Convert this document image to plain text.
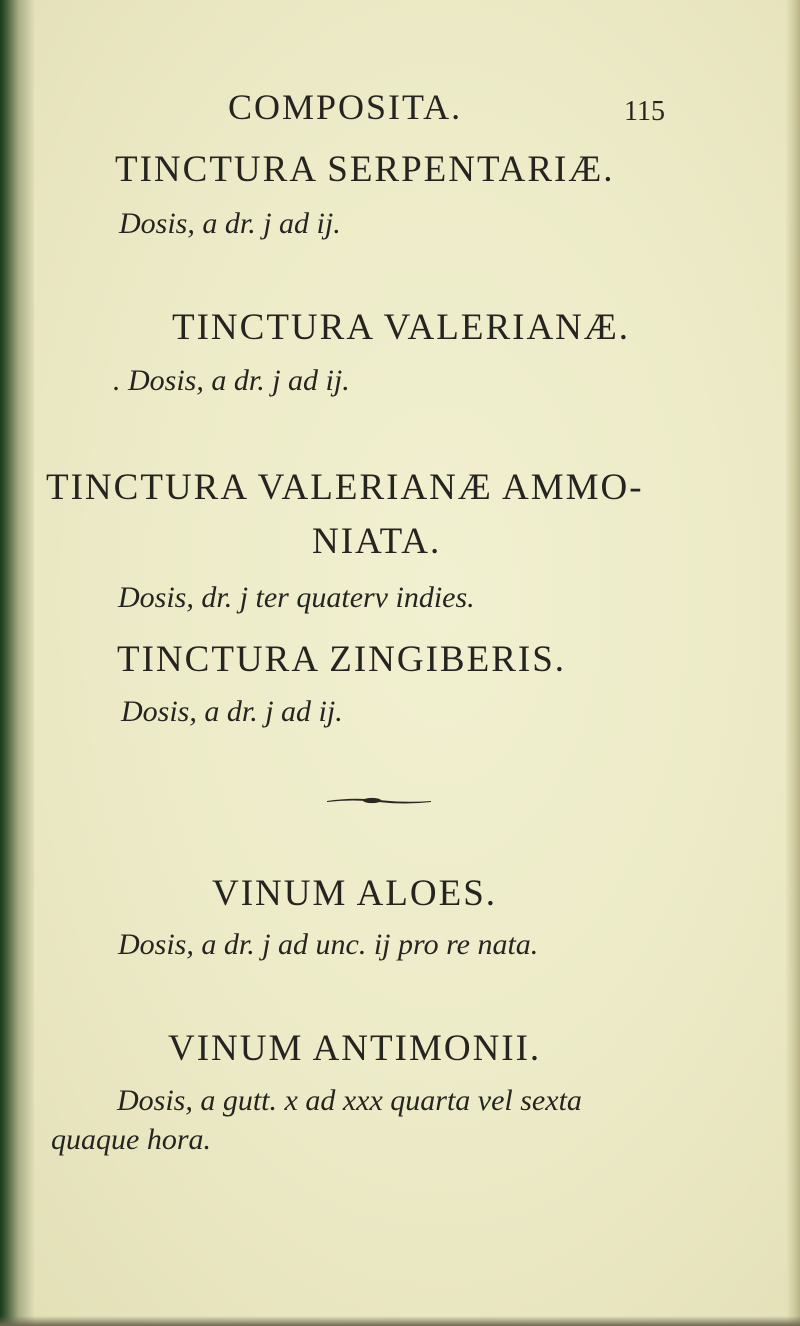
COMPOSITA.	115
TINCTURA SERPENTARIÆ.
Dosis, a dr. j ad ij.
TINCTURA VALERIANÆ.
. Dosis, a dr. j ad ij.
TINCTURA VALERIANÆ AMMO-
NIATA.
Dosis, dr. j ter quaterv indies.
TINCTURA ZINGIBERIS.
Dosis, a dr. j ad ij.
VINUM ALOES.
Dosis, a dr. j ad unc. ij pro re nata.
VINUM ANTIMONII.
Dosis, a gutt. x ad xxx quarta vel sexta
quaque hora.
